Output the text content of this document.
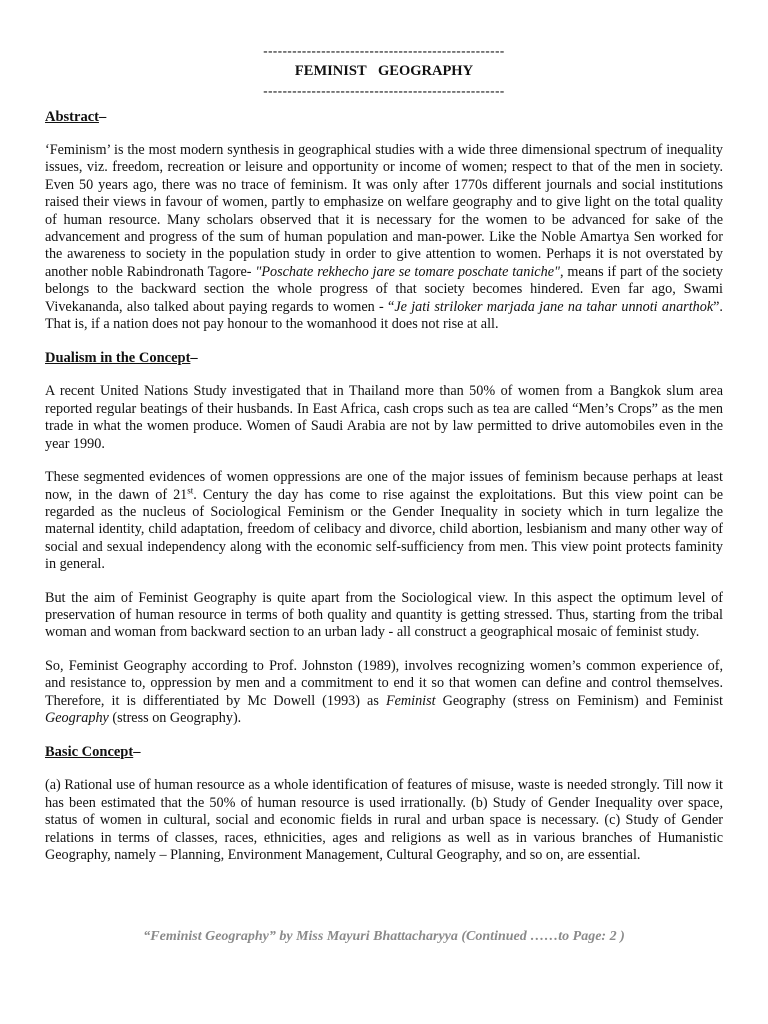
--------------------------------------------------
FEMINIST GEOGRAPHY
--------------------------------------------------
Abstract–

‘Feminism’ is the most modern synthesis in geographical studies with a wide three dimensional spectrum of inequality issues, viz. freedom, recreation or leisure and opportunity or income of women; respect to that of the men in society. Even 50 years ago, there was no trace of feminism. It was only after 1770s different journals and social institutions raised their views in favour of women, partly to emphasize on welfare geography and to give light on the total quality of human resource. Many scholars observed that it is necessary for the women to be advanced for sake of the advancement and progress of the sum of human population and man-power. Like the Noble Amartya Sen worked for the awareness to society in the population study in order to give attention to women. Perhaps it is not overstated by another noble Rabindronath Tagore- "Poschate rekhecho jare se tomare poschate taniche", means if part of the society belongs to the backward section the whole progress of that society becomes hindered. Even far ago, Swami Vivekananda, also talked about paying regards to women - “Je jati striloker marjada jane na tahar unnoti anarthok”. That is, if a nation does not pay honour to the womanhood it does not rise at all.

Dualism in the Concept–

A recent United Nations Study investigated that in Thailand more than 50% of women from a Bangkok slum area reported regular beatings of their husbands. In East Africa, cash crops such as tea are called “Men’s Crops” as the men trade in what the women produce. Women of Saudi Arabia are not by law permitted to drive automobiles even in the year 1990.

These segmented evidences of women oppressions are one of the major issues of feminism because perhaps at least now, in the dawn of 21st. Century the day has come to rise against the exploitations. But this view point can be regarded as the nucleus of Sociological Feminism or the Gender Inequality in society which in turn legalize the maternal identity, child adaptation, freedom of celibacy and divorce, child abortion, lesbianism and many other way of social and sexual independency along with the economic self-sufficiency from men. This view point protects faminity in general.

But the aim of Feminist Geography is quite apart from the Sociological view. In this aspect the optimum level of preservation of human resource in terms of both quality and quantity is getting stressed. Thus, starting from the tribal woman and woman from backward section to an urban lady - all construct a geographical mosaic of feminist study.

So, Feminist Geography according to Prof. Johnston (1989), involves recognizing women’s common experience of, and resistance to, oppression by men and a commitment to end it so that women can define and control themselves. Therefore, it is differentiated by Mc Dowell (1993) as Feminist Geography (stress on Feminism) and Feminist Geography (stress on Geography).

Basic Concept–

(a) Rational use of human resource as a whole identification of features of misuse, waste is needed strongly. Till now it has been estimated that the 50% of human resource is used irrationally. (b) Study of Gender Inequality over space, status of women in cultural, social and economic fields in rural and urban space is necessary. (c) Study of Gender relations in terms of classes, races, ethnicities, ages and religions as well as in various branches of Humanistic Geography, namely – Planning, Environment Management, Cultural Geography, and so on, are essential.

“Feminist Geography” by Miss Mayuri Bhattacharyya (Continued ……to Page: 2 )
